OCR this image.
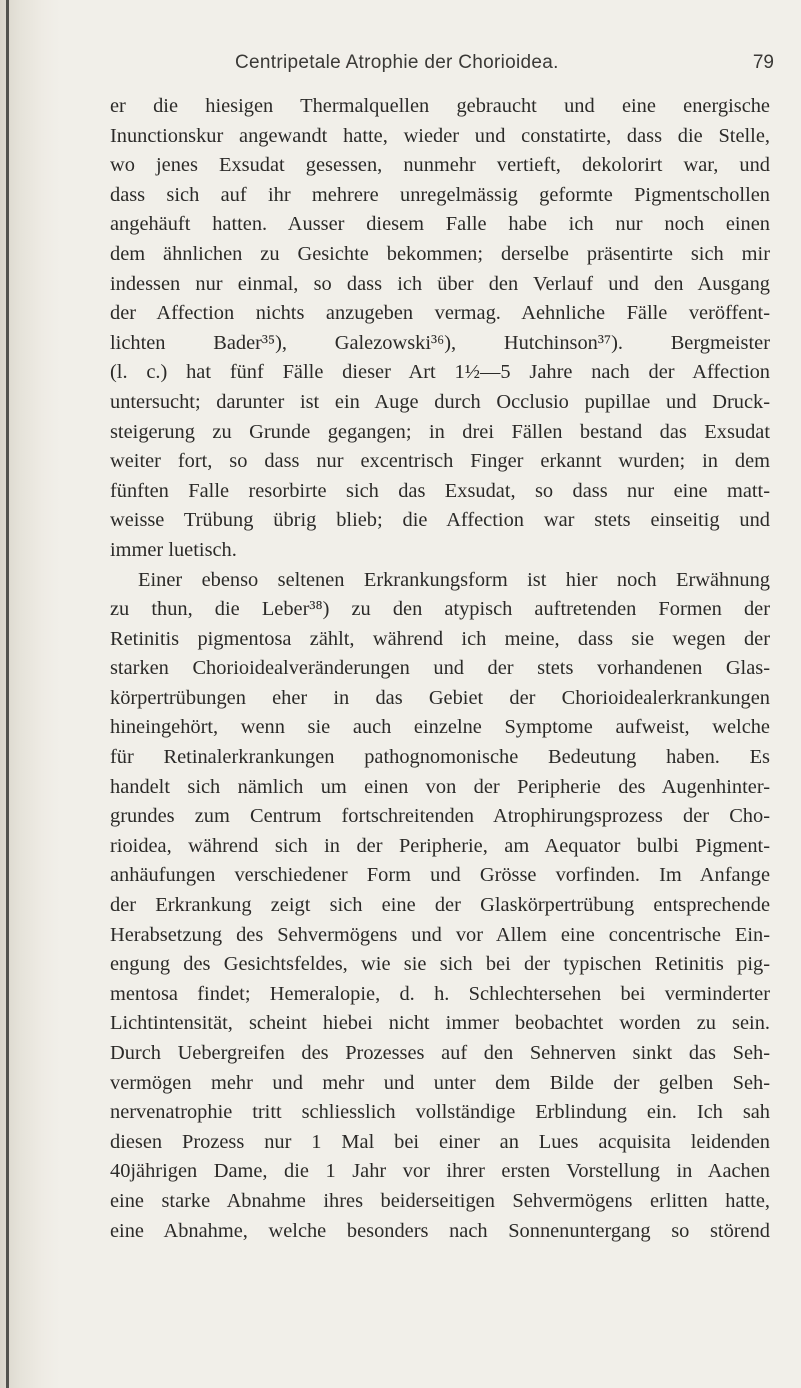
Centripetale Atrophie der Chorioidea.	79
er die hiesigen Thermalquellen gebraucht und eine energische
Inunctionskur angewandt hatte, wieder und constatirte, dass die Stelle,
wo jenes Exsudat gesessen, nunmehr vertieft, dekolorirt war, und
dass sich auf ihr mehrere unregelmässig geformte Pigmentschollen
angehäuft hatten. Ausser diesem Falle habe ich nur noch einen
dem ähnlichen zu Gesichte bekommen; derselbe präsentirte sich mir
indessen nur einmal, so dass ich über den Verlauf und den Ausgang
der Affection nichts anzugeben vermag. Aehnliche Fälle veröffent-
lichten Bader³⁵), Galezowski³⁶), Hutchinson³⁷). Bergmeister
(l. c.) hat fünf Fälle dieser Art 1½—5 Jahre nach der Affection
untersucht; darunter ist ein Auge durch Occlusio pupillae und Druck-
steigerung zu Grunde gegangen; in drei Fällen bestand das Exsudat
weiter fort, so dass nur excentrisch Finger erkannt wurden; in dem
fünften Falle resorbirte sich das Exsudat, so dass nur eine matt-
weisse Trübung übrig blieb; die Affection war stets einseitig und
immer luetisch.
Einer ebenso seltenen Erkrankungsform ist hier noch Erwähnung
zu thun, die Leber³⁸) zu den atypisch auftretenden Formen der
Retinitis pigmentosa zählt, während ich meine, dass sie wegen der
starken Chorioidealveränderungen und der stets vorhandenen Glas-
körpertrübungen eher in das Gebiet der Chorioidealerkrankungen
hineingehört, wenn sie auch einzelne Symptome aufweist, welche
für Retinalerkrankungen pathognomonische Bedeutung haben. Es
handelt sich nämlich um einen von der Peripherie des Augenhinter-
grundes zum Centrum fortschreitenden Atrophirungsprozess der Cho-
rioidea, während sich in der Peripherie, am Aequator bulbi Pigment-
anhäufungen verschiedener Form und Grösse vorfinden. Im Anfange
der Erkrankung zeigt sich eine der Glaskörpertrübung entsprechende
Herabsetzung des Sehvermögens und vor Allem eine concentrische Ein-
engung des Gesichtsfeldes, wie sie sich bei der typischen Retinitis pig-
mentosa findet; Hemeralopie, d. h. Schlechtersehen bei verminderter
Lichtintensität, scheint hiebei nicht immer beobachtet worden zu sein.
Durch Uebergreifen des Prozesses auf den Sehnerven sinkt das Seh-
vermögen mehr und mehr und unter dem Bilde der gelben Seh-
nervenatrophie tritt schliesslich vollständige Erblindung ein. Ich sah
diesen Prozess nur 1 Mal bei einer an Lues acquisita leidenden
40jährigen Dame, die 1 Jahr vor ihrer ersten Vorstellung in Aachen
eine starke Abnahme ihres beiderseitigen Sehvermögens erlitten hatte,
eine Abnahme, welche besonders nach Sonnenuntergang so störend
